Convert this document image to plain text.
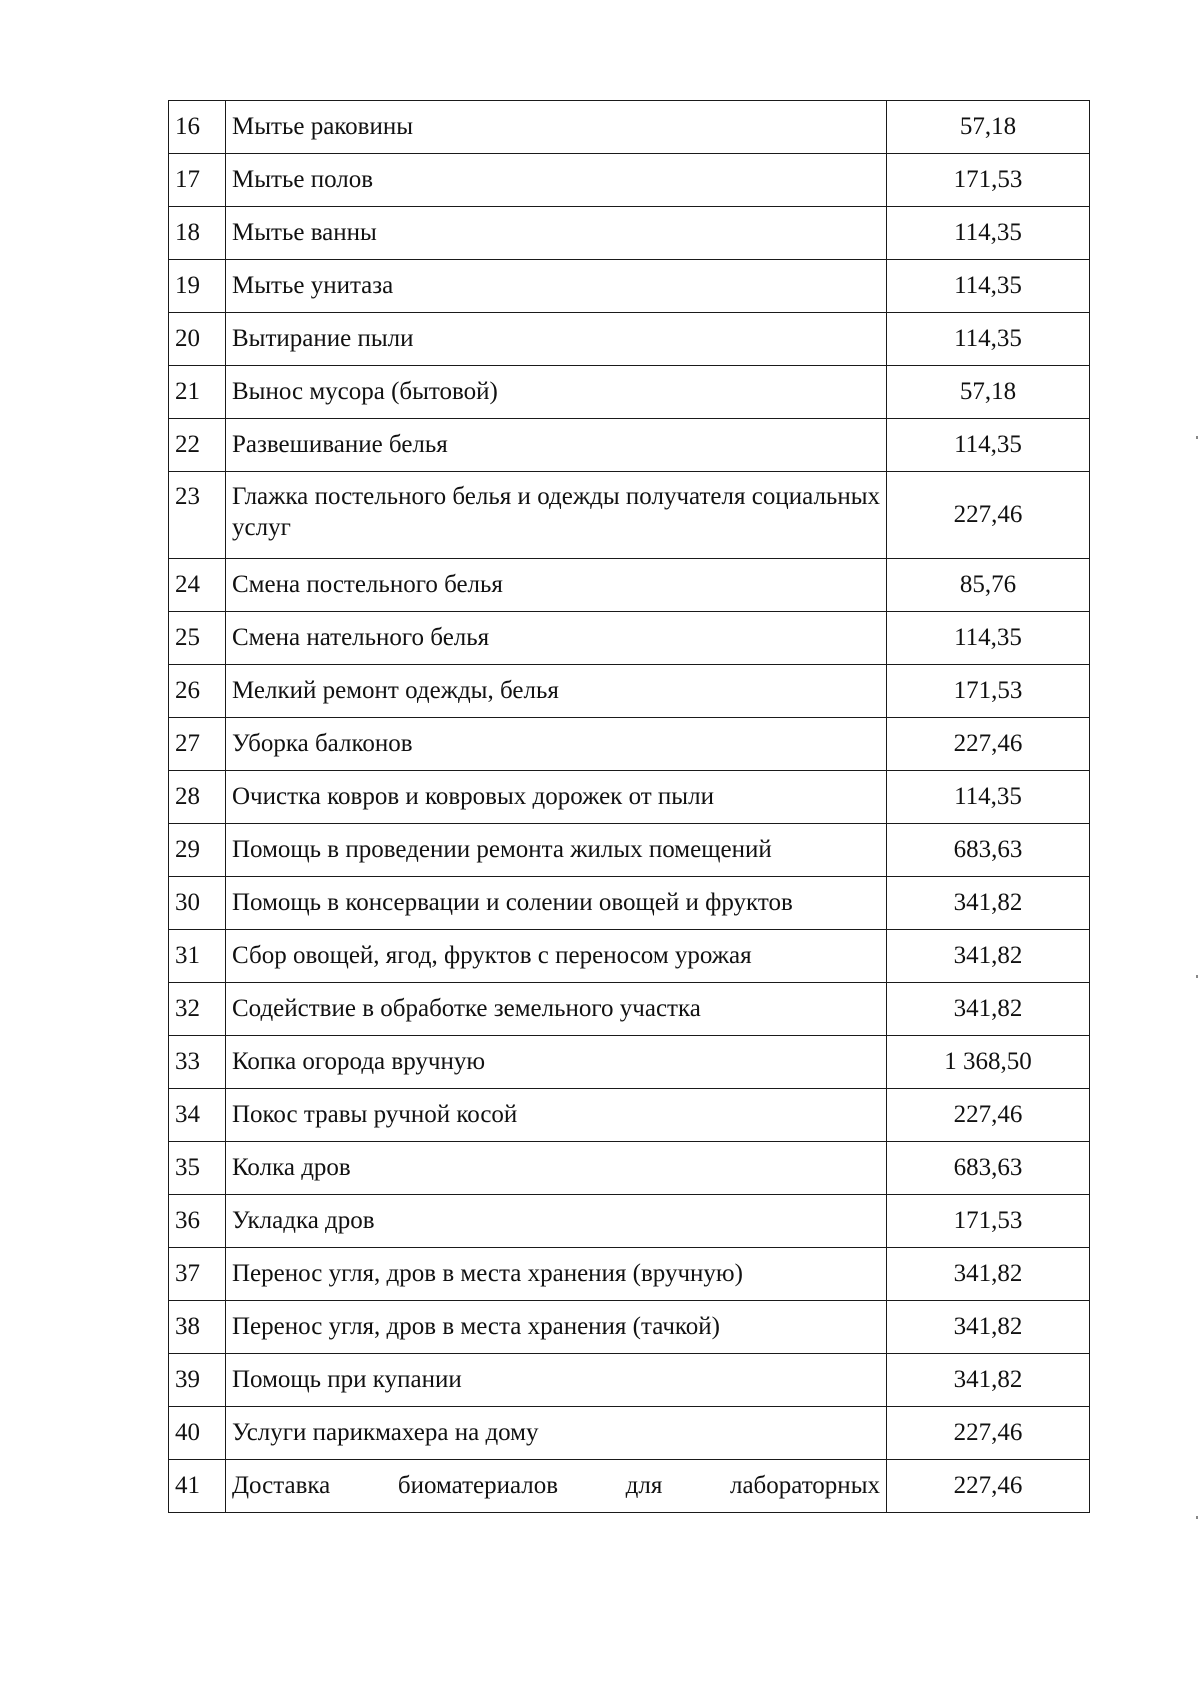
16	Мытье раковины	57,18
17	Мытье полов	171,53
18	Мытье ванны	114,35
19	Мытье унитаза	114,35
20	Вытирание пыли	114,35
21	Вынос мусора (бытовой)	57,18
22	Развешивание белья	114,35
23	Глажка постельного белья и одежды получателя социальных услуг	227,46
24	Смена постельного белья	85,76
25	Смена нательного белья	114,35
26	Мелкий ремонт одежды, белья	171,53
27	Уборка балконов	227,46
28	Очистка ковров и ковровых дорожек от пыли	114,35
29	Помощь в проведении ремонта жилых помещений	683,63
30	Помощь в консервации и солении овощей и фруктов	341,82
31	Сбор овощей, ягод, фруктов с переносом урожая	341,82
32	Содействие в обработке земельного участка	341,82
33	Копка огорода вручную	1 368,50
34	Покос травы ручной косой	227,46
35	Колка дров	683,63
36	Укладка дров	171,53
37	Перенос угля, дров в места хранения (вручную)	341,82
38	Перенос угля, дров в места хранения (тачкой)	341,82
39	Помощь при купании	341,82
40	Услуги парикмахера на дому	227,46
41	Доставка биоматериалов для лабораторных	227,46
